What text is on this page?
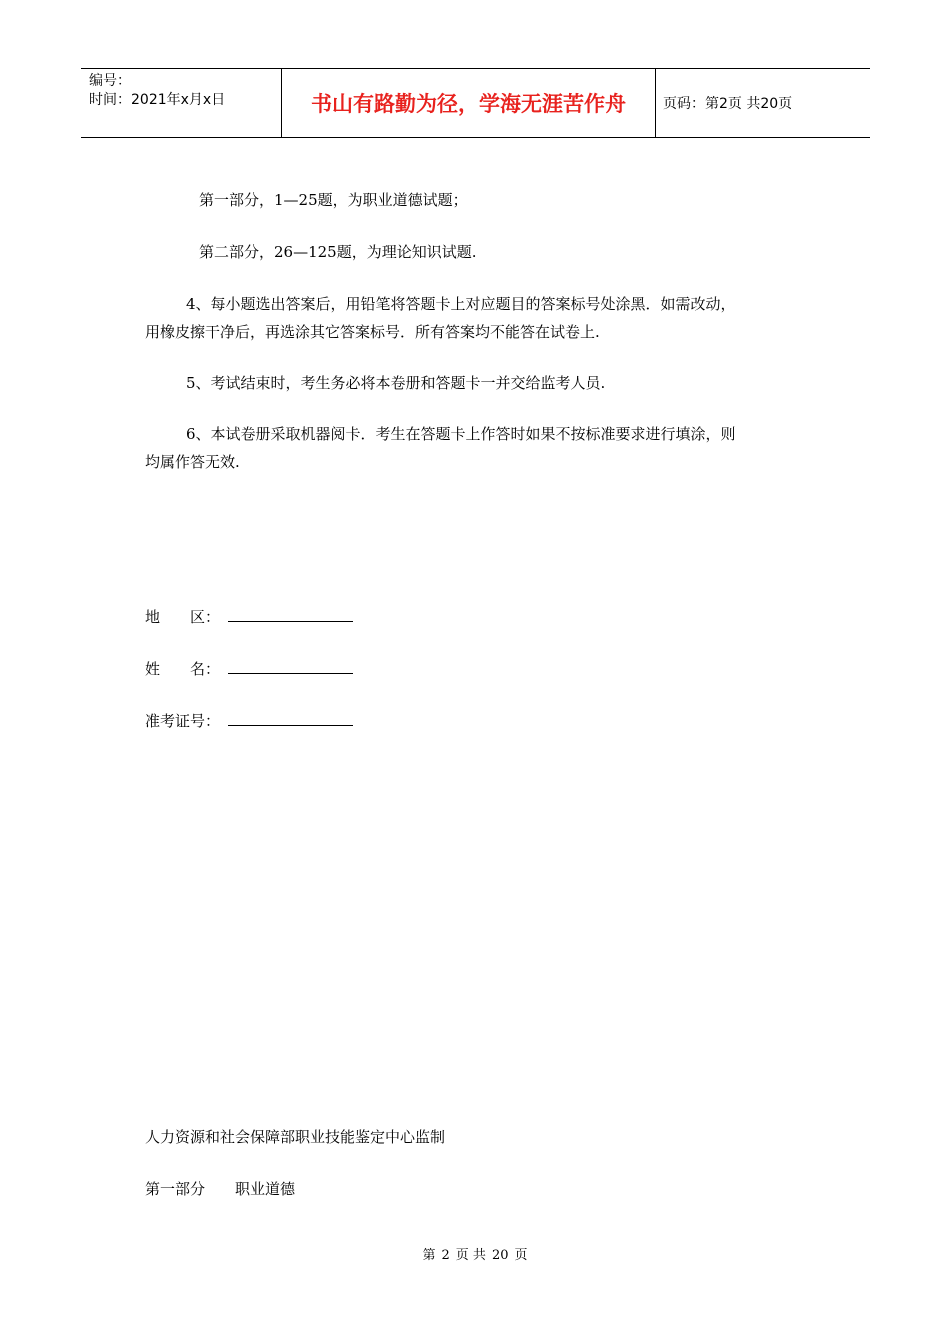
编号：
时间：2021年x月x日	书山有路勤为径，学海无涯苦作舟	页码：第2页 共20页
第一部分，1—25题，为职业道德试题；
第二部分，26—125题，为理论知识试题.
4、每小题选出答案后，用铅笔将答题卡上对应题目的答案标号处涂黑．如需改动，
用橡皮擦干净后，再选涂其它答案标号．所有答案均不能答在试卷上.
5、考试结束时，考生务必将本卷册和答题卡一并交给监考人员.
6、本试卷册采取机器阅卡．考生在答题卡上作答时如果不按标准要求进行填涂，则
均属作答无效.
地　　区：
姓　　名：
准考证号：
人力资源和社会保障部职业技能鉴定中心监制
第一部分　　职业道德
第 2 页 共 20 页
